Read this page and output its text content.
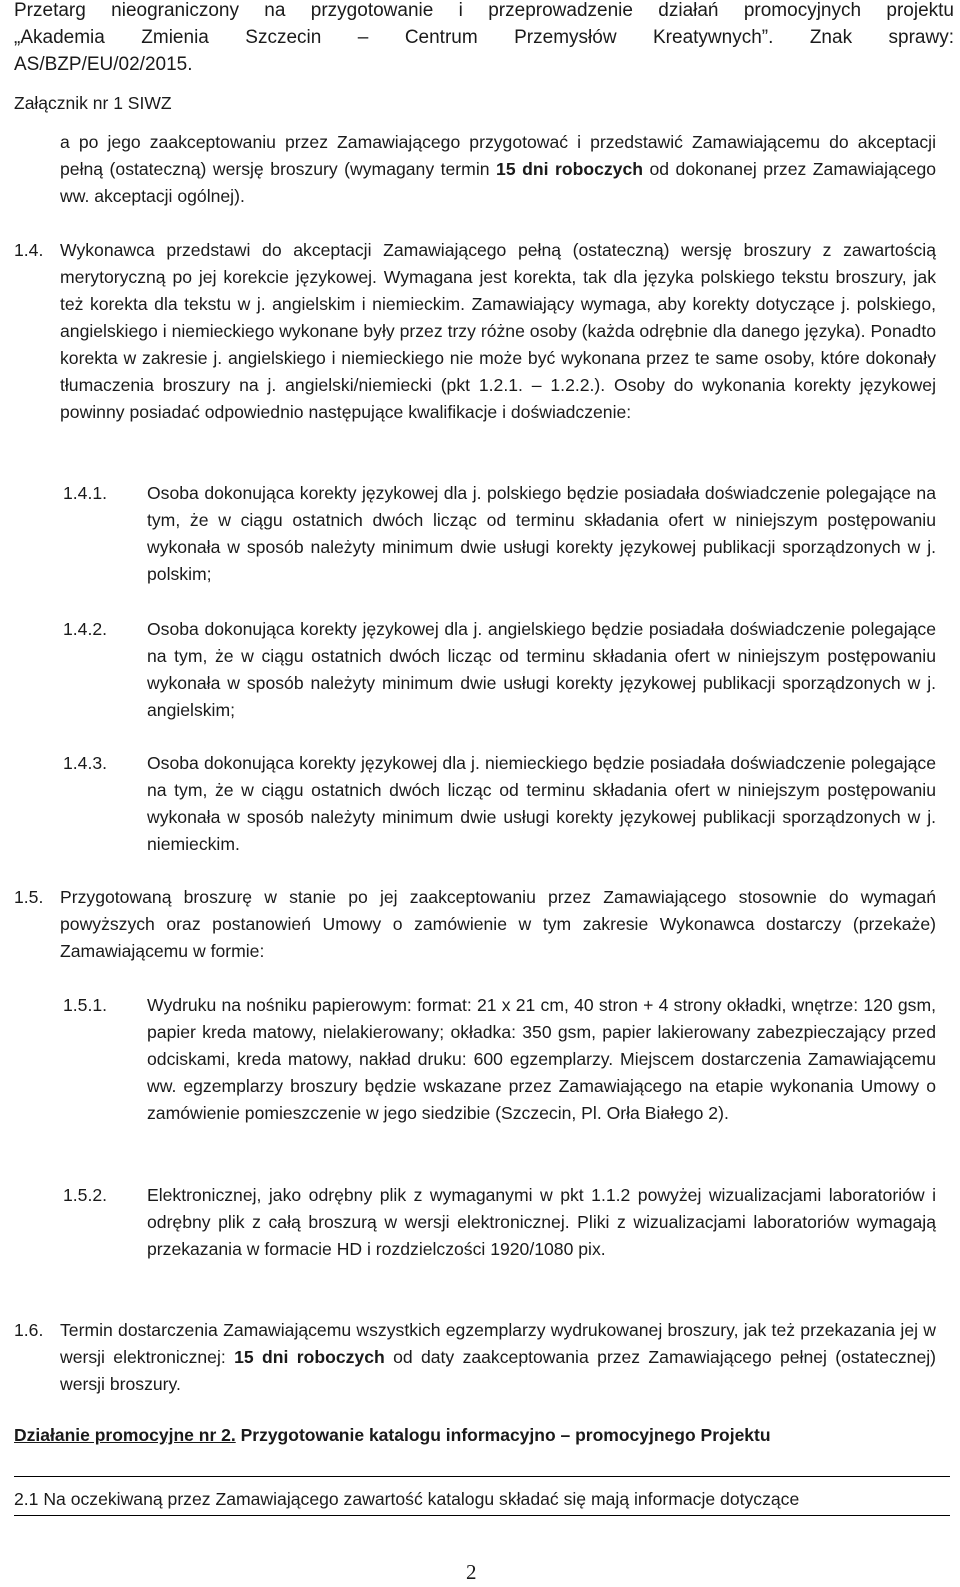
Przetarg nieograniczony na przygotowanie i przeprowadzenie działań promocyjnych projektu
„Akademia Zmienia Szczecin – Centrum Przemysłów Kreatywnych”. Znak sprawy:
AS/BZP/EU/02/2015.
Załącznik nr 1 SIWZ

a po jego zaakceptowaniu przez Zamawiającego przygotować i przedstawić Zamawiającemu do akceptacji pełną (ostateczną) wersję broszury (wymagany termin 15 dni roboczych od dokonanej przez Zamawiającego ww. akceptacji ogólnej).

1.4. Wykonawca przedstawi do akceptacji Zamawiającego pełną (ostateczną) wersję broszury z zawartością merytoryczną po jej korekcie językowej. Wymagana jest korekta, tak dla języka polskiego tekstu broszury, jak też korekta dla tekstu w j. angielskim i niemieckim. Zamawiający wymaga, aby korekty dotyczące j. polskiego, angielskiego i niemieckiego wykonane były przez trzy różne osoby (każda odrębnie dla danego języka). Ponadto korekta w zakresie j. angielskiego i niemieckiego nie może być wykonana przez te same osoby, które dokonały tłumaczenia broszury na j. angielski/niemiecki (pkt 1.2.1. – 1.2.2.). Osoby do wykonania korekty językowej powinny posiadać odpowiednio następujące kwalifikacje i doświadczenie:

1.4.1. Osoba dokonująca korekty językowej dla j. polskiego będzie posiadała doświadczenie polegające na tym, że w ciągu ostatnich dwóch licząc od terminu składania ofert w niniejszym postępowaniu wykonała w sposób należyty minimum dwie usługi korekty językowej publikacji sporządzonych w j. polskim;

1.4.2. Osoba dokonująca korekty językowej dla j. angielskiego będzie posiadała doświadczenie polegające na tym, że w ciągu ostatnich dwóch licząc od terminu składania ofert w niniejszym postępowaniu wykonała w sposób należyty minimum dwie usługi korekty językowej publikacji sporządzonych w j. angielskim;

1.4.3. Osoba dokonująca korekty językowej dla j. niemieckiego będzie posiadała doświadczenie polegające na tym, że w ciągu ostatnich dwóch licząc od terminu składania ofert w niniejszym postępowaniu wykonała w sposób należyty minimum dwie usługi korekty językowej publikacji sporządzonych w j. niemieckim.

1.5. Przygotowaną broszurę w stanie po jej zaakceptowaniu przez Zamawiającego stosownie do wymagań powyższych oraz postanowień Umowy o zamówienie w tym zakresie Wykonawca dostarczy (przekaże) Zamawiającemu w formie:

1.5.1. Wydruku na nośniku papierowym: format: 21 x 21 cm, 40 stron + 4 strony okładki, wnętrze: 120 gsm, papier kreda matowy, nielakierowany; okładka: 350 gsm, papier lakierowany zabezpieczający przed odciskami, kreda matowy, nakład druku: 600 egzemplarzy. Miejscem dostarczenia Zamawiającemu ww. egzemplarzy broszury będzie wskazane przez Zamawiającego na etapie wykonania Umowy o zamówienie pomieszczenie w jego siedzibie (Szczecin, Pl. Orła Białego 2).

1.5.2. Elektronicznej, jako odrębny plik z wymaganymi w pkt 1.1.2 powyżej wizualizacjami laboratoriów i odrębny plik z całą broszurą w wersji elektronicznej. Pliki z wizualizacjami laboratoriów wymagają przekazania w formacie HD i rozdzielczości 1920/1080 pix.

1.6. Termin dostarczenia Zamawiającemu wszystkich egzemplarzy wydrukowanej broszury, jak też przekazania jej w wersji elektronicznej: 15 dni roboczych od daty zaakceptowania przez Zamawiającego pełnej (ostatecznej) wersji broszury.

Działanie promocyjne nr 2. Przygotowanie katalogu informacyjno – promocyjnego Projektu

2.1 Na oczekiwaną przez Zamawiającego zawartość katalogu składać się mają informacje dotyczące

2
